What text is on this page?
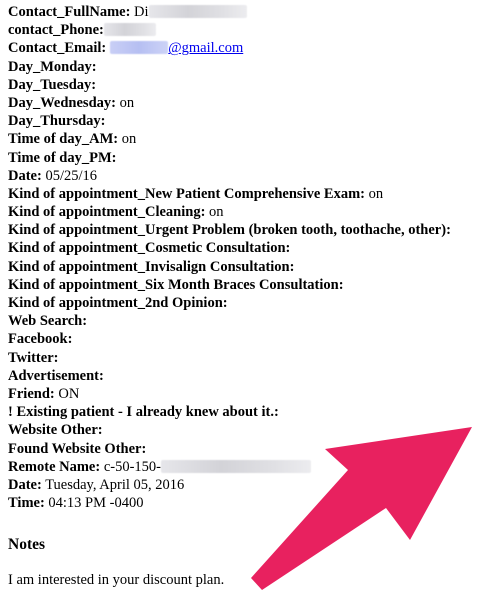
Contact_FullName: Di
contact_Phone:
Contact_Email:	@gmail.com
Day_Monday:
Day_Tuesday:
Day_Wednesday: on
Day_Thursday:
Time of day_AM: on
Time of day_PM:
Date: 05/25/16
Kind of appointment_New Patient Comprehensive Exam: on
Kind of appointment_Cleaning: on
Kind of appointment_Urgent Problem (broken tooth, toothache, other):
Kind of appointment_Cosmetic Consultation:
Kind of appointment_Invisalign Consultation:
Kind of appointment_Six Month Braces Consultation:
Kind of appointment_2nd Opinion:
Web Search:
Facebook:
Twitter:
Advertisement:
Friend: ON
! Existing patient - I already knew about it.:
Website Other:
Found Website Other:
Remote Name: c-50-150-
Date: Tuesday, April 05, 2016
Time: 04:13 PM -0400
Notes
I am interested in your discount plan.
